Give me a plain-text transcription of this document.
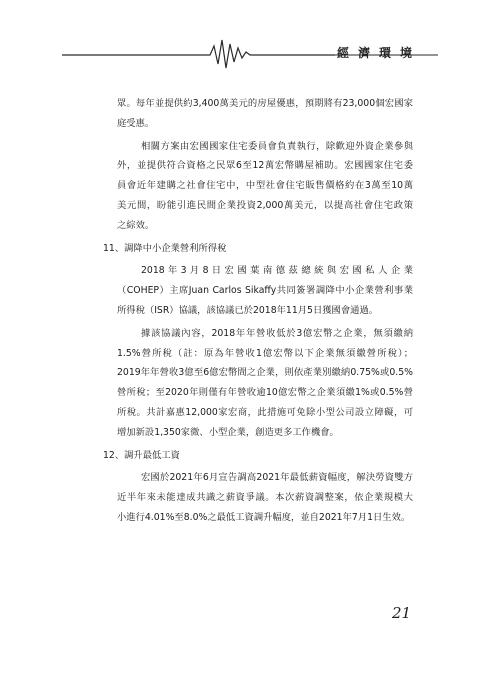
經濟環境
眾。每年並提供約3,400萬美元的房屋優惠，預期將有23,000個宏國家
庭受惠。
相關方案由宏國國家住宅委員會負責執行，除歡迎外資企業參與
外，並提供符合資格之民眾6至12萬宏幣購屋補助。宏國國家住宅委
員會近年建購之社會住宅中，中型社會住宅販售價格約在3萬至10萬
美元間，盼能引進民間企業投資2,000萬美元，以提高社會住宅政策
之綜效。
11、調降中小企業營利所得稅
2018 年 3 月 8 日 宏 國 葉 南 德 茲 總 統 與 宏 國 私 人 企 業
（COHEP）主席Juan Carlos Sikaffy共同簽署調降中小企業營利事業
所得稅（ISR）協議，該協議已於2018年11月5日獲國會通過。
據該協議內容，2018年年營收低於3億宏幣之企業，無須繳納
1.5%營所稅（註：原為年營收1億宏幣以下企業無須繳營所稅）；
2019年年營收3億至6億宏幣間之企業，則依產業別繳納0.75%或0.5%
營所稅；至2020年則僅有年營收逾10億宏幣之企業須繳1%或0.5%營
所稅。共計嘉惠12,000家宏商，此措施可免除小型公司設立障礙，可
增加新設1,350家微、小型企業，創造更多工作機會。
12、調升最低工資
宏國於2021年6月宣告調高2021年最低薪資幅度，解決勞資雙方
近半年來未能達成共識之薪資爭議。本次薪資調整案，依企業規模大
小進行4.01%至8.0%之最低工資調升幅度，並自2021年7月1日生效。
21
